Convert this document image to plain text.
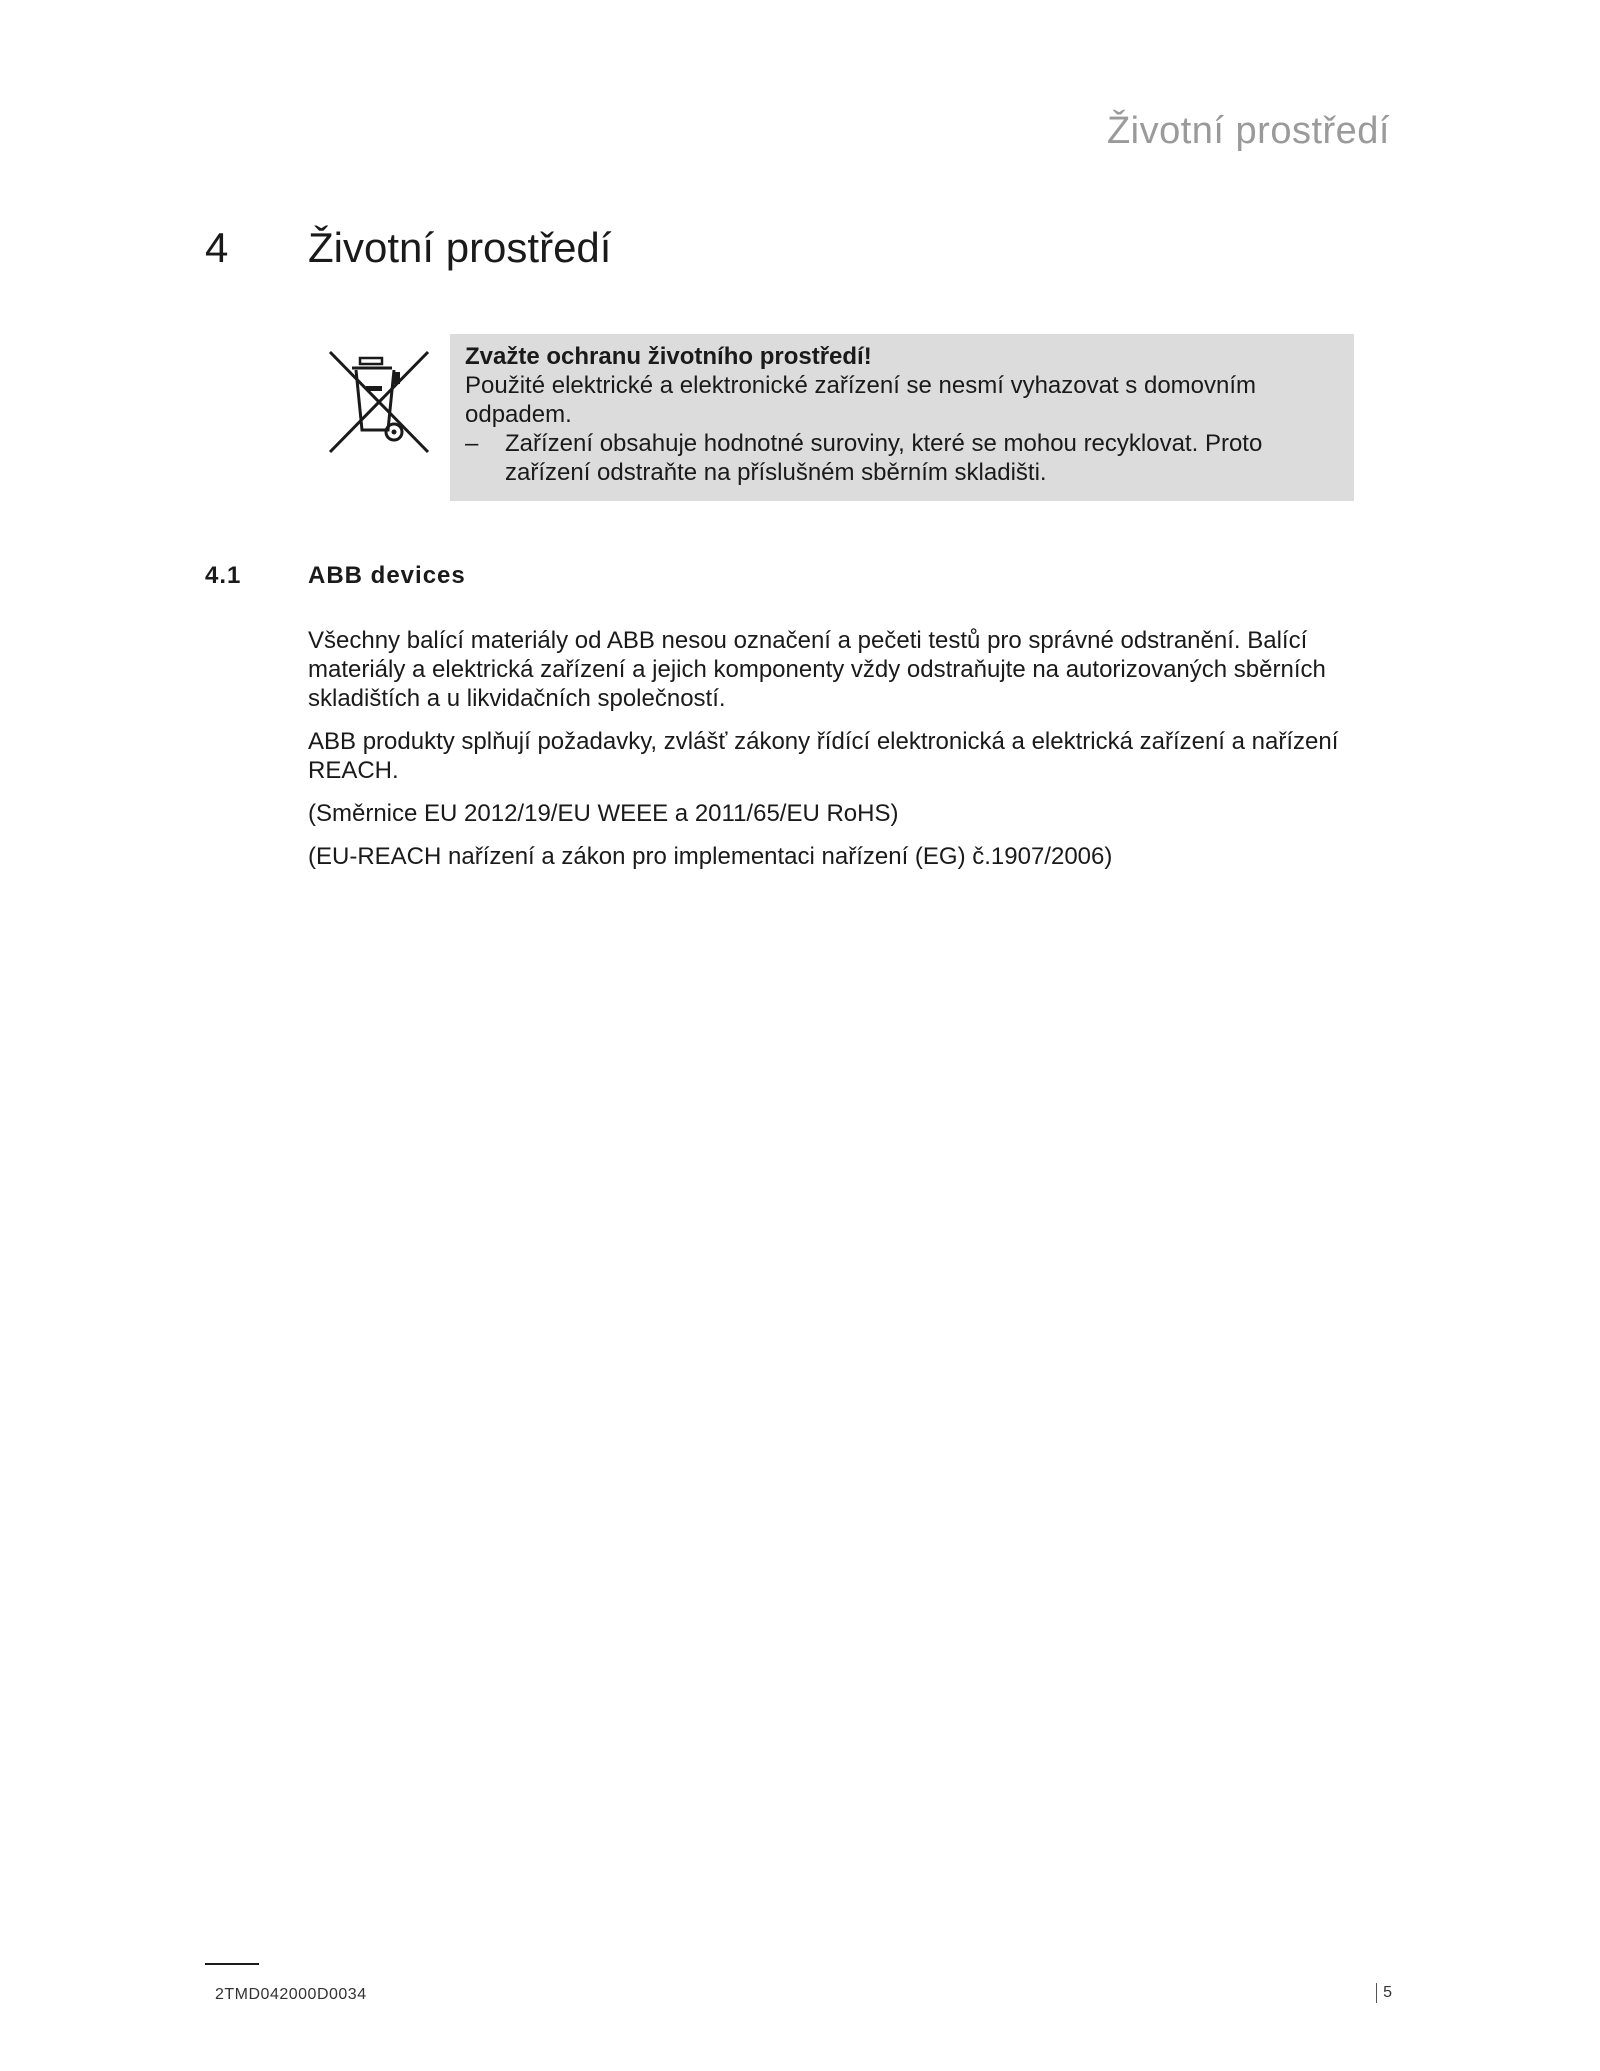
Životní prostředí
4 Životní prostředí

Zvažte ochranu životního prostředí!

Použité elektrické a elektronické zařízení se nesmí vyhazovat s domovním odpadem.

– Zařízení obsahuje hodnotné suroviny, které se mohou recyklovat. Proto zařízení odstraňte na příslušném sběrním skladišti.

4.1	ABB devices

Všechny balící materiály od ABB nesou označení a pečeti testů pro správné odstranění. Balící materiály a elektrická zařízení a jejich komponenty vždy odstraňujte na autorizovaných sběrních skladištích a u likvidačních společností.

ABB produkty splňují požadavky, zvlášť zákony řídící elektronická a elektrická zařízení a nařízení REACH.

(Směrnice EU 2012/19/EU WEEE a 2011/65/EU RoHS)

(EU-REACH nařízení a zákon pro implementaci nařízení (EG) č.1907/2006)

2TMD042000D0034	5
